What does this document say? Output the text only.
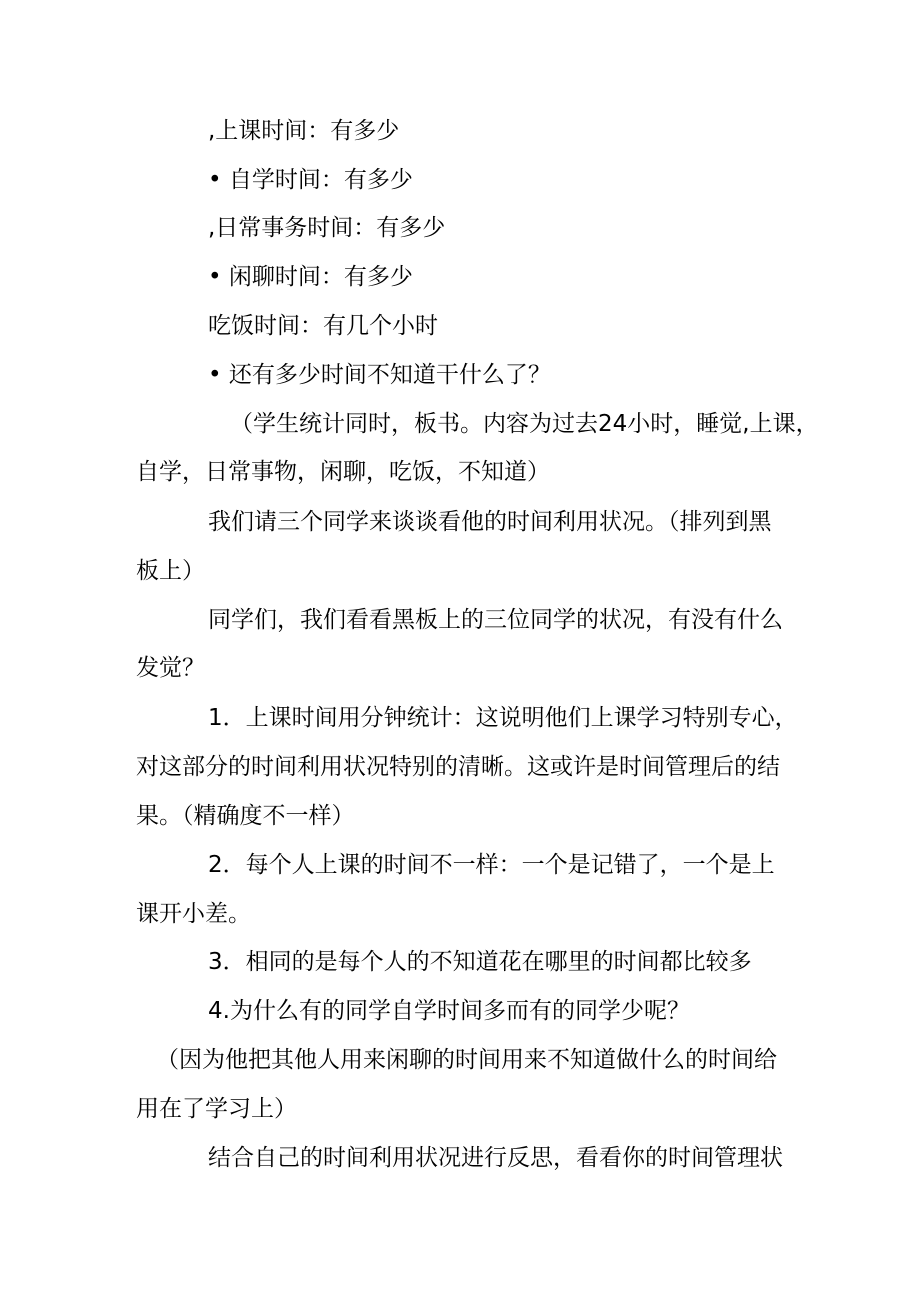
,上课时间：有多少
• 自学时间：有多少
,日常事务时间：有多少
• 闲聊时间：有多少
吃饭时间：有几个小时
• 还有多少时间不知道干什么了？
（学生统计同时，板书。内容为过去24小时，睡觉,上课，
自学，日常事物，闲聊，吃饭，不知道）
我们请三个同学来谈谈看他的时间利用状况。（排列到黑
板上）
同学们，我们看看黑板上的三位同学的状况，有没有什么
发觉？
1．上课时间用分钟统计：这说明他们上课学习特别专心，
对这部分的时间利用状况特别的清晰。这或许是时间管理后的结
果。（精确度不一样）
2．每个人上课的时间不一样：一个是记错了，一个是上
课开小差。
3．相同的是每个人的不知道花在哪里的时间都比较多
4.为什么有的同学自学时间多而有的同学少呢？
（因为他把其他人用来闲聊的时间用来不知道做什么的时间给
用在了学习上）
结合自己的时间利用状况进行反思，看看你的时间管理状
